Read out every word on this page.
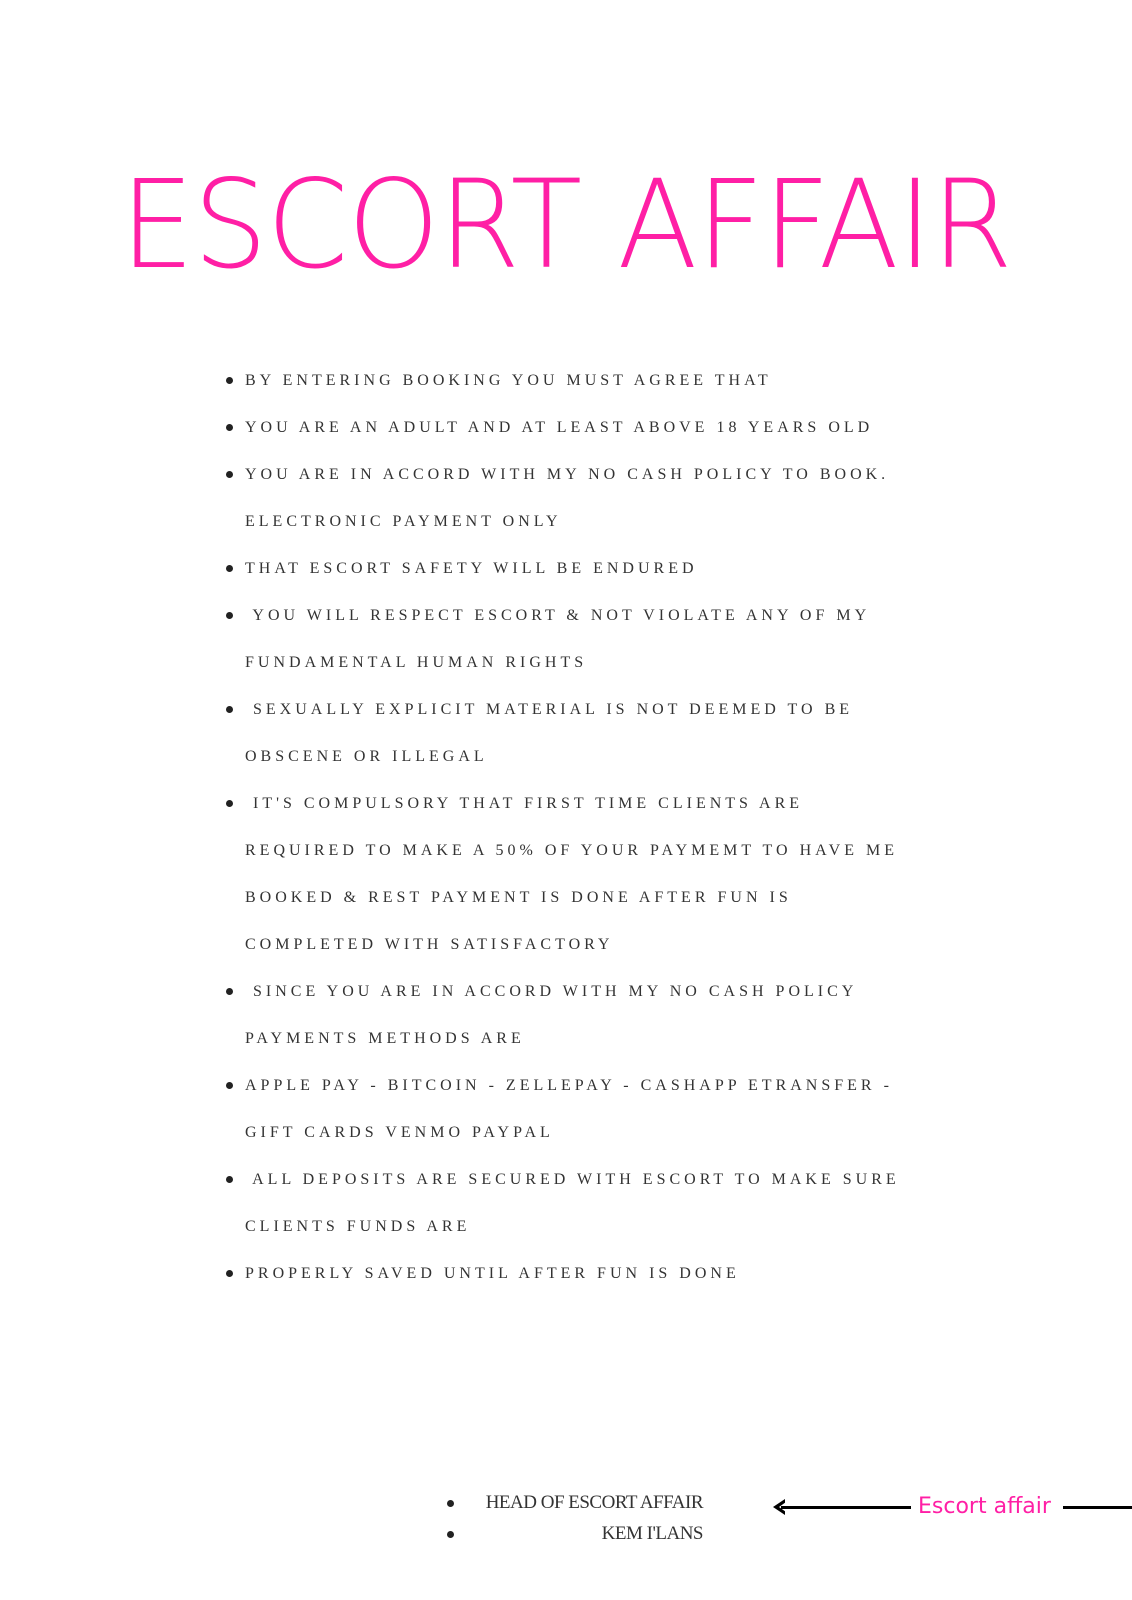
ESCORT AFFAIR
BY ENTERING BOOKING YOU MUST AGREE THAT
YOU ARE AN ADULT AND AT LEAST ABOVE 18 YEARS OLD
YOU ARE IN ACCORD WITH MY NO CASH POLICY TO BOOK.
ELECTRONIC PAYMENT ONLY
THAT ESCORT SAFETY WILL BE ENDURED
YOU WILL RESPECT ESCORT & NOT VIOLATE ANY OF MY
FUNDAMENTAL HUMAN RIGHTS
SEXUALLY EXPLICIT MATERIAL IS NOT DEEMED TO BE
OBSCENE OR ILLEGAL
IT'S COMPULSORY THAT FIRST TIME CLIENTS ARE
REQUIRED TO MAKE A 50% OF YOUR PAYMEMT TO HAVE ME
BOOKED & REST PAYMENT IS DONE AFTER FUN IS
COMPLETED WITH SATISFACTORY
SINCE YOU ARE IN ACCORD WITH MY NO CASH POLICY
PAYMENTS METHODS ARE
APPLE PAY - BITCOIN - ZELLEPAY - CASHAPP ETRANSFER -
GIFT CARDS VENMO PAYPAL
ALL DEPOSITS ARE SECURED WITH ESCORT TO MAKE SURE
CLIENTS FUNDS ARE
PROPERLY SAVED UNTIL AFTER FUN IS DONE
HEAD OF ESCORT AFFAIR
KEM I'LANS
Escort affair
